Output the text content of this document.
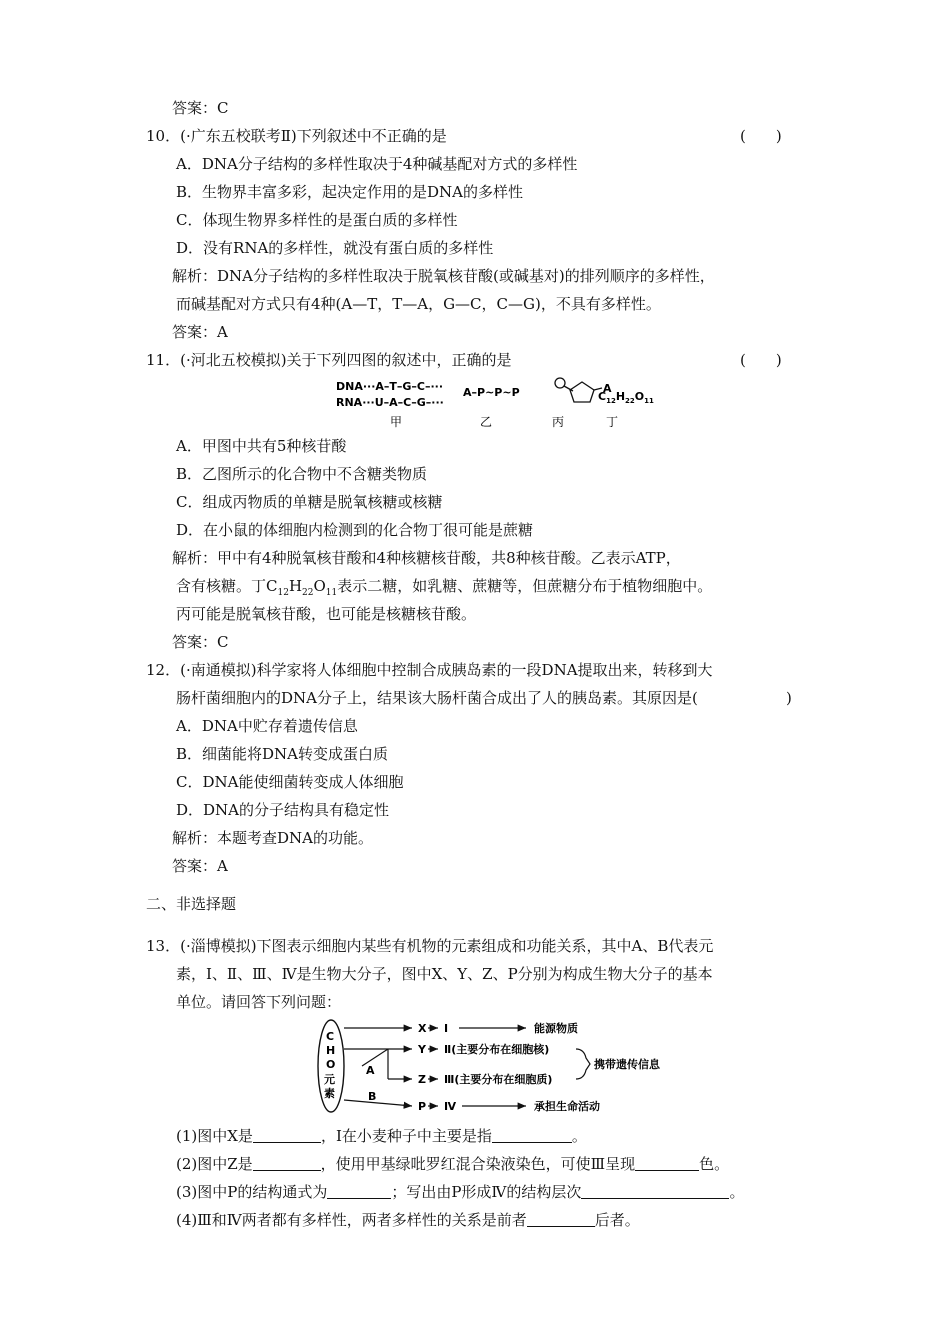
答案：C
10．(·广东五校联考Ⅱ)下列叙述中不正确的是	(　　)
A．DNA分子结构的多样性取决于4种碱基配对方式的多样性
B．生物界丰富多彩，起决定作用的是DNA的多样性
C．体现生物界多样性的是蛋白质的多样性
D．没有RNA的多样性，就没有蛋白质的多样性
解析：DNA分子结构的多样性取决于脱氧核苷酸(或碱基对)的排列顺序的多样性，
而碱基配对方式只有4种(A—T，T—A，G—C，C—G)，不具有多样性。
答案：A
11．(·河北五校模拟)关于下列四图的叙述中，正确的是	(　　)
DNA···A–T–G–C–···
RNA···U–A–C–G–···
A–P~P~P	A
$C_{12}H_{22}O_{11}$
甲	乙	丙	丁
A．甲图中共有5种核苷酸
B．乙图所示的化合物中不含糖类物质
C．组成丙物质的单糖是脱氧核糖或核糖
D．在小鼠的体细胞内检测到的化合物丁很可能是蔗糖
解析：甲中有4种脱氧核苷酸和4种核糖核苷酸，共8种核苷酸。乙表示ATP，
含有核糖。丁$C_{12}H_{22}O_{11}$表示二糖，如乳糖、蔗糖等，但蔗糖分布于植物细胞中。
丙可能是脱氧核苷酸，也可能是核糖核苷酸。
答案：C
12．(·南通模拟)科学家将人体细胞中控制合成胰岛素的一段DNA提取出来，转移到大
肠杆菌细胞内的DNA分子上，结果该大肠杆菌合成出了人的胰岛素。其原因是(	)
A．DNA中贮存着遗传信息
B．细菌能将DNA转变成蛋白质
C．DNA能使细菌转变成人体细胞
D．DNA的分子结构具有稳定性
解析：本题考查DNA的功能。
答案：A
二、非选择题
13．(·淄博模拟)下图表示细胞内某些有机物的元素组成和功能关系，其中A、B代表元
素，Ⅰ、Ⅱ、Ⅲ、Ⅳ是生物大分子，图中X、Y、Z、P分别为构成生物大分子的基本
单位。请回答下列问题：
C
H
O
元
素
X Ⅰ	能源物质
Y Ⅱ(主要分布在细胞核)
A
Z Ⅲ(主要分布在细胞质)
携带遗传信息
B
P Ⅳ	承担生命活动
(1)图中X是	，Ⅰ在小麦种子中主要是指	。
(2)图中Z是	，使用甲基绿吡罗红混合染液染色，可使Ⅲ呈现	色。
(3)图中P的结构通式为	；写出由P形成Ⅳ的结构层次	。
(4)Ⅲ和Ⅳ两者都有多样性，两者多样性的关系是前者	后者。
